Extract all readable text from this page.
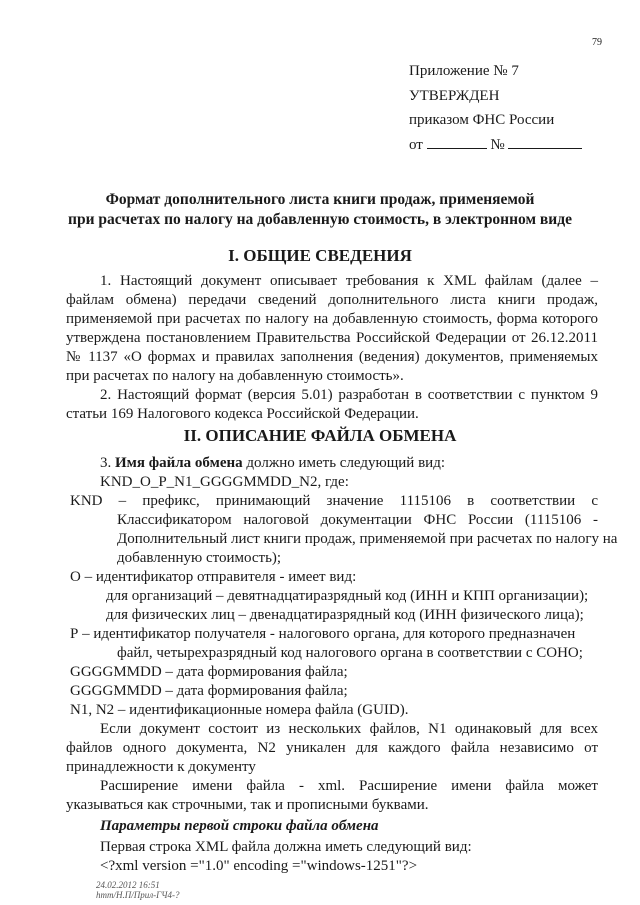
79
Приложение № 7
УТВЕРЖДЕН
приказом ФНС России
от	№
Формат дополнительного листа книги продаж, применяемой
при расчетах по налогу на добавленную стоимость, в электронном виде
I. ОБЩИЕ СВЕДЕНИЯ
1. Настоящий документ описывает требования к XML файлам (далее –
файлам обмена) передачи сведений дополнительного листа книги продаж,
применяемой при расчетах по налогу на добавленную стоимость, форма которого
утверждена постановлением Правительства Российской Федерации от 26.12.2011
№ 1137 «О формах и правилах заполнения (ведения) документов, применяемых
при расчетах по налогу на добавленную стоимость».
2. Настоящий формат (версия 5.01) разработан в соответствии с пунктом 9
статьи 169 Налогового кодекса Российской Федерации.
II. ОПИСАНИЕ ФАЙЛА ОБМЕНА
3. Имя файла обмена должно иметь следующий вид:
KND_O_P_N1_GGGGMMDD_N2, где:
KND – префикс, принимающий значение 1115106 в соответствии с
Классификатором налоговой документации ФНС России (1115106 -
Дополнительный лист книги продаж, применяемой при расчетах по налогу на
добавленную стоимость);
О – идентификатор отправителя - имеет вид:
для организаций – девятнадцатиразрядный код (ИНН и КПП организации);
для физических лиц – двенадцатиразрядный код (ИНН физического лица);
Р – идентификатор получателя - налогового органа, для которого предназначен
файл, четырехразрядный код налогового органа в соответствии с СОНО;
GGGGMMDD – дата формирования файла;
GGGGMMDD – дата формирования файла;
N1, N2 – идентификационные номера файла (GUID).
Если документ состоит из нескольких файлов, N1 одинаковый для всех
файлов одного документа, N2 уникален для каждого файла независимо от
принадлежности к документу
Расширение имени файла - xml. Расширение имени файла может
указываться как строчными, так и прописными буквами.
Параметры первой строки файла обмена
Первая строка XML файла должна иметь следующий вид:
<?xml version ="1.0" encoding ="windows-1251"?>
24.02.2012 16:51
hmm/Н.П/Прил-ГЧ4-?
